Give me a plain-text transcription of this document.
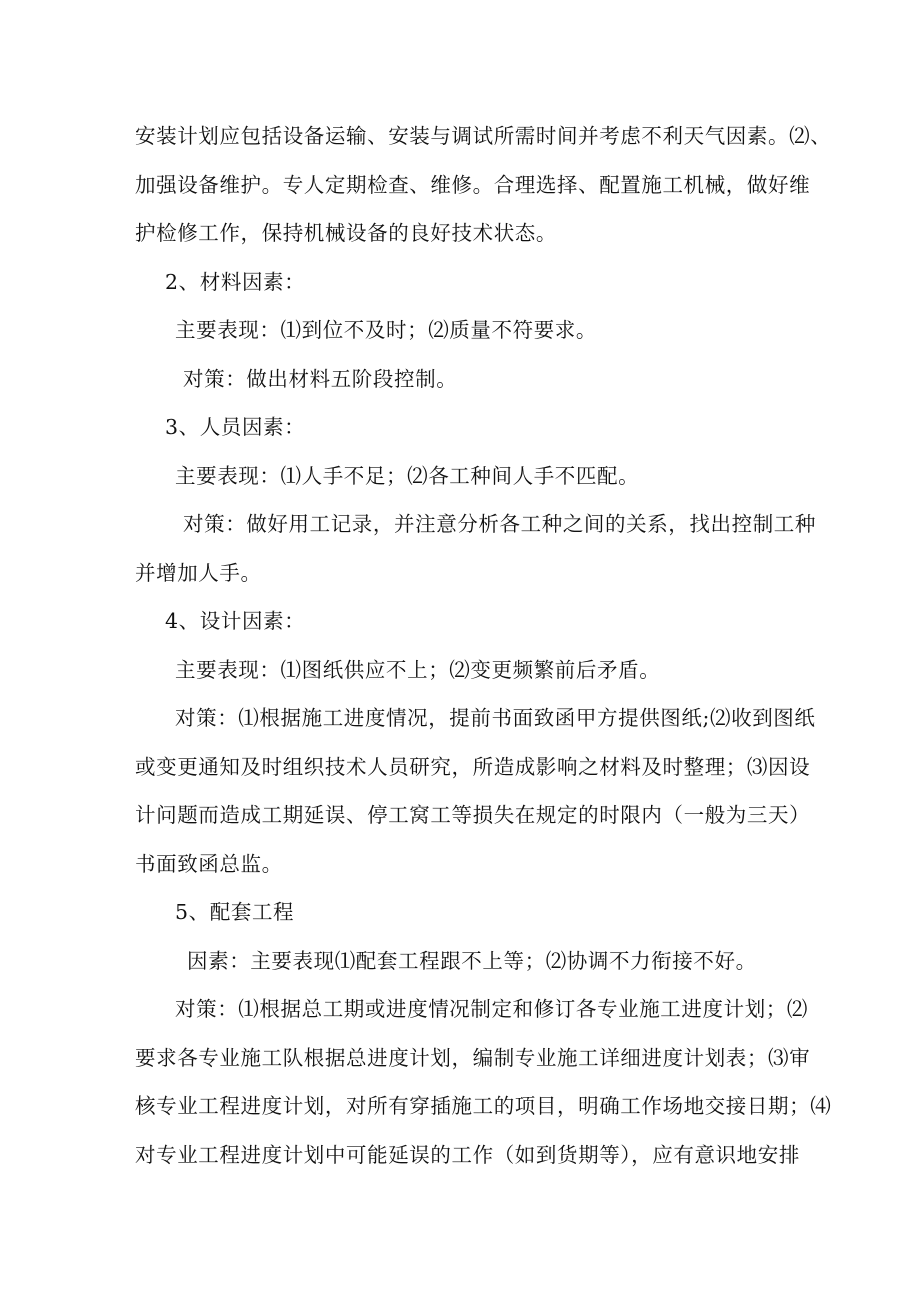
安装计划应包括设备运输、安装与调试所需时间并考虑不利天气因素。⑵、
加强设备维护。专人定期检查、维修。合理选择、配置施工机械，做好维
护检修工作，保持机械设备的良好技术状态。
2、材料因素：
主要表现：⑴到位不及时；⑵质量不符要求。
对策：做出材料五阶段控制。
3、人员因素：
主要表现：⑴人手不足；⑵各工种间人手不匹配。
对策：做好用工记录，并注意分析各工种之间的关系，找出控制工种
并增加人手。
4、设计因素：
主要表现：⑴图纸供应不上；⑵变更频繁前后矛盾。
对策：⑴根据施工进度情况，提前书面致函甲方提供图纸;⑵收到图纸
或变更通知及时组织技术人员研究，所造成影响之材料及时整理；⑶因设
计问题而造成工期延误、停工窝工等损失在规定的时限内（一般为三天）
书面致函总监。
5、配套工程
因素：主要表现⑴配套工程跟不上等；⑵协调不力衔接不好。
对策：⑴根据总工期或进度情况制定和修订各专业施工进度计划；⑵
要求各专业施工队根据总进度计划，编制专业施工详细进度计划表；⑶审
核专业工程进度计划，对所有穿插施工的项目，明确工作场地交接日期；⑷
对专业工程进度计划中可能延误的工作（如到货期等），应有意识地安排
